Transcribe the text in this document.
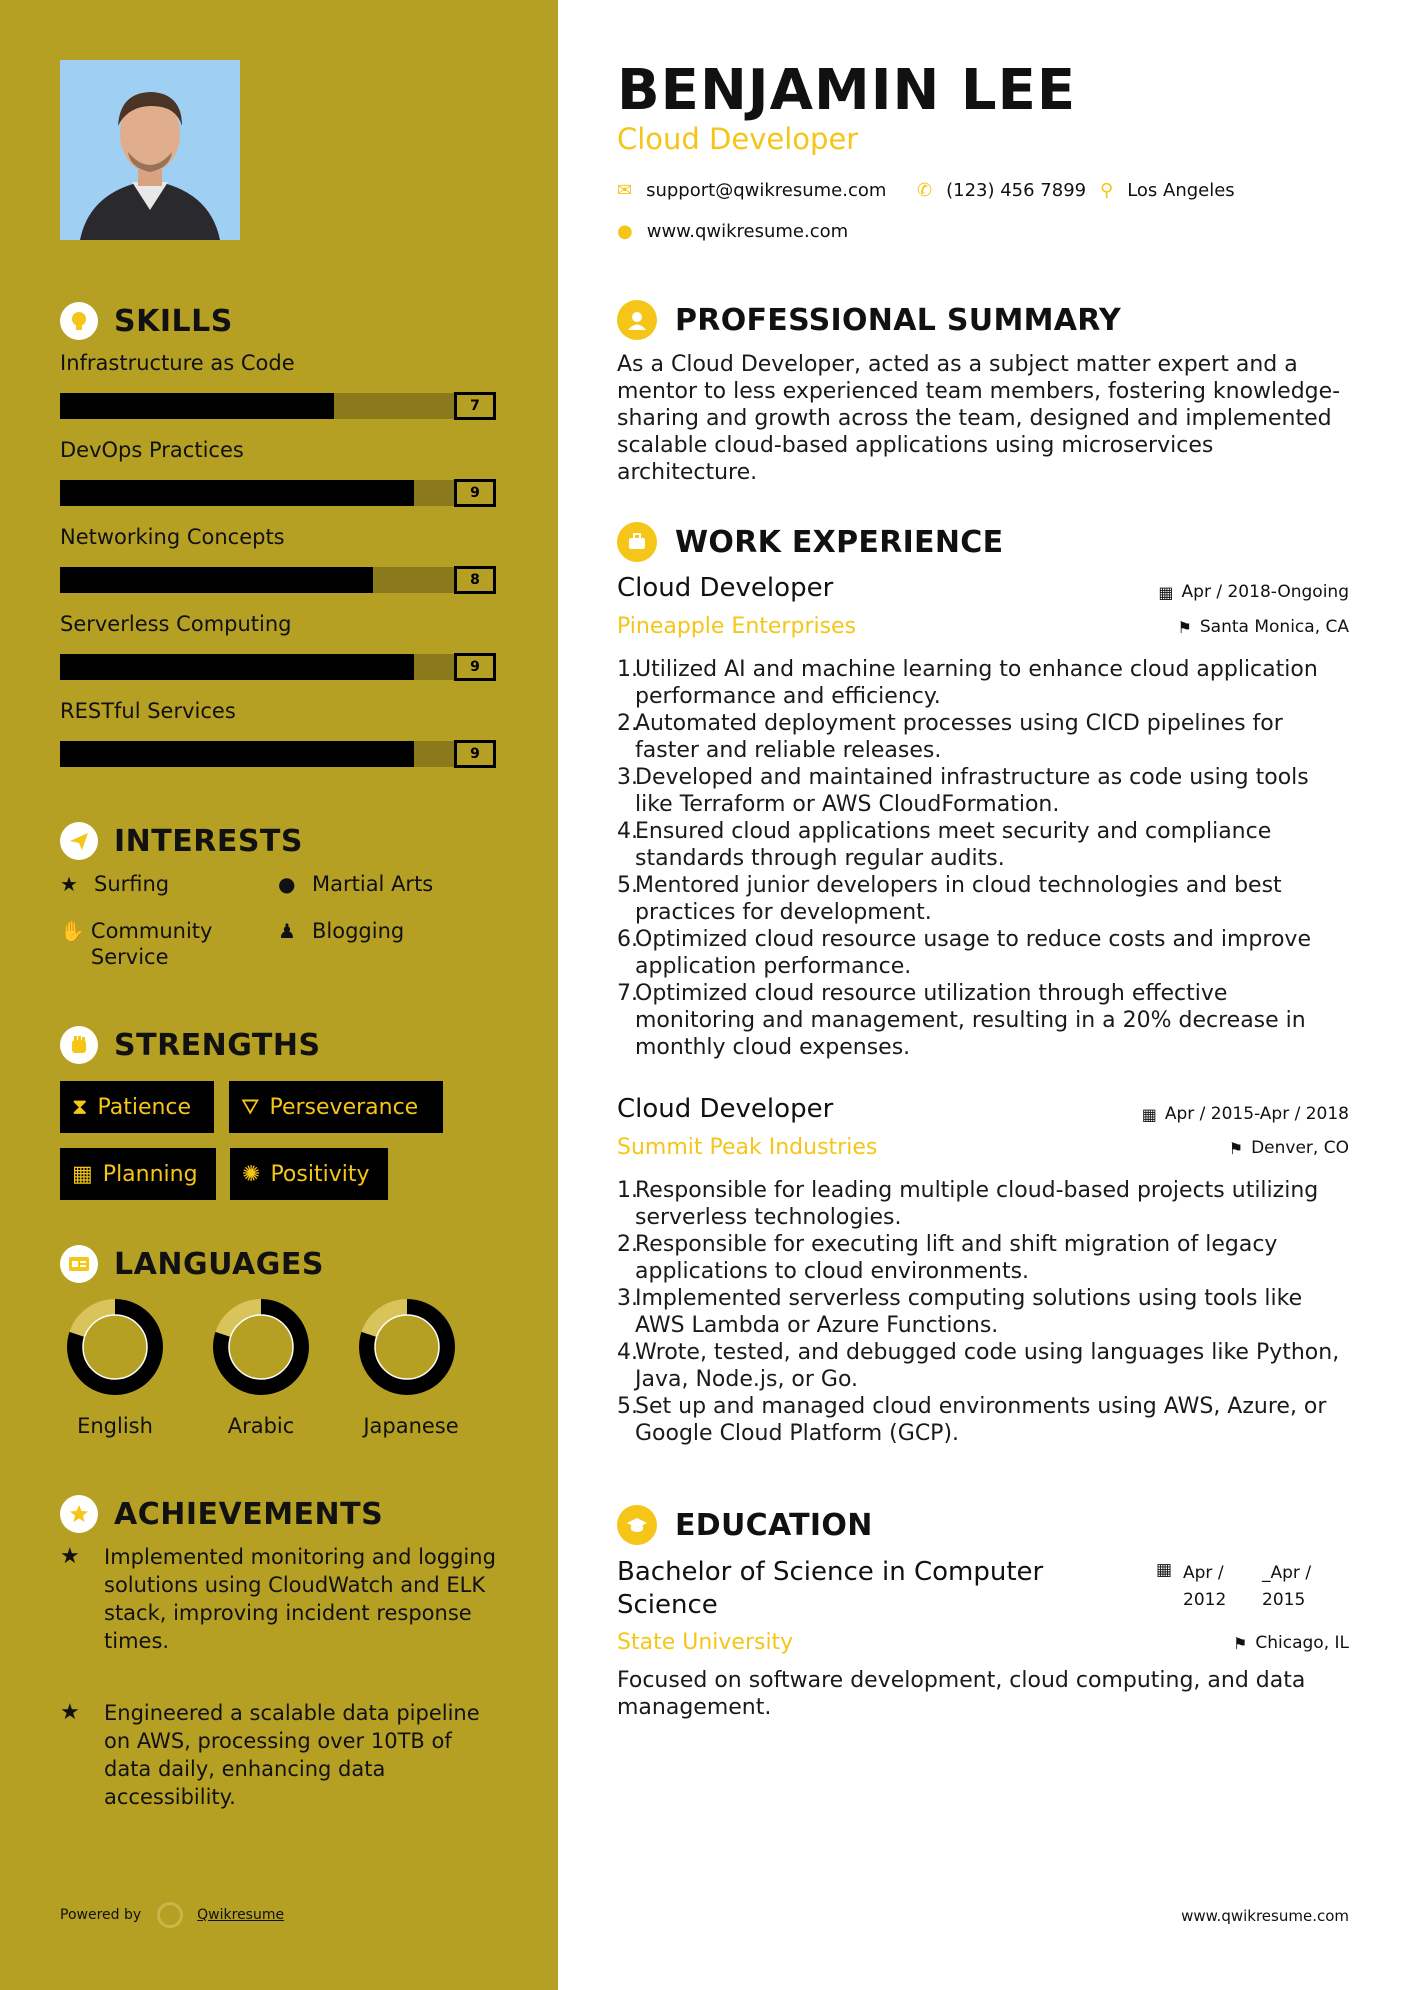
SKILLS
Infrastructure as Code
7
DevOps Practices
9
Networking Concepts
8
Serverless Computing
9
RESTful Services
9
INTERESTS
★ Surfing	● Martial Arts
✋ Community Service
♟ Blogging
STRENGTHS
⧗ Patience ⛛ Perseverance
▦ Planning ✺ Positivity
LANGUAGES
English	Arabic	Japanese
ACHIEVEMENTS
★	Implemented monitoring and logging solutions using CloudWatch and ELK stack, improving incident response times.
★	Engineered a scalable data pipeline on AWS, processing over 10TB of data daily, enhancing data accessibility.
Powered by	Qwikresume
BENJAMIN LEE
Cloud Developer
✉ support@qwikresume.com ✆ (123) 456 7899 ⚲ Los Angeles
● www.qwikresume.com
PROFESSIONAL SUMMARY
As a Cloud Developer, acted as a subject matter expert and a mentor to less experienced team members, fostering knowledge-sharing and growth across the team, designed and implemented scalable cloud-based applications using microservices architecture.
WORK EXPERIENCE
Cloud Developer	▦ Apr / 2018-Ongoing
Pineapple Enterprises	⚑ Santa Monica, CA
1.
Utilized AI and machine learning to enhance cloud application performance and efficiency.
2.
Automated deployment processes using CICD pipelines for faster and reliable releases.
3.
Developed and maintained infrastructure as code using tools like Terraform or AWS CloudFormation.
4.
Ensured cloud applications meet security and compliance standards through regular audits.
5.
Mentored junior developers in cloud technologies and best practices for development.
6.
Optimized cloud resource usage to reduce costs and improve application performance.
7.
Optimized cloud resource utilization through effective monitoring and management, resulting in a 20% decrease in monthly cloud expenses.
Cloud Developer	▦ Apr / 2015-Apr / 2018
Summit Peak Industries	⚑ Denver, CO
1.
Responsible for leading multiple cloud-based projects utilizing serverless technologies.
2.
Responsible for executing lift and shift migration of legacy applications to cloud environments.
3.
Implemented serverless computing solutions using tools like AWS Lambda or Azure Functions.
4.
Wrote, tested, and debugged code using languages like Python, Java, Node.js, or Go.
5.
Set up and managed cloud environments using AWS, Azure, or Google Cloud Platform (GCP).
EDUCATION
Bachelor of Science in Computer Science
▦ Apr / 2012
_Apr / 2015
State University	⚑ Chicago, IL
Focused on software development, cloud computing, and data management.
www.qwikresume.com
